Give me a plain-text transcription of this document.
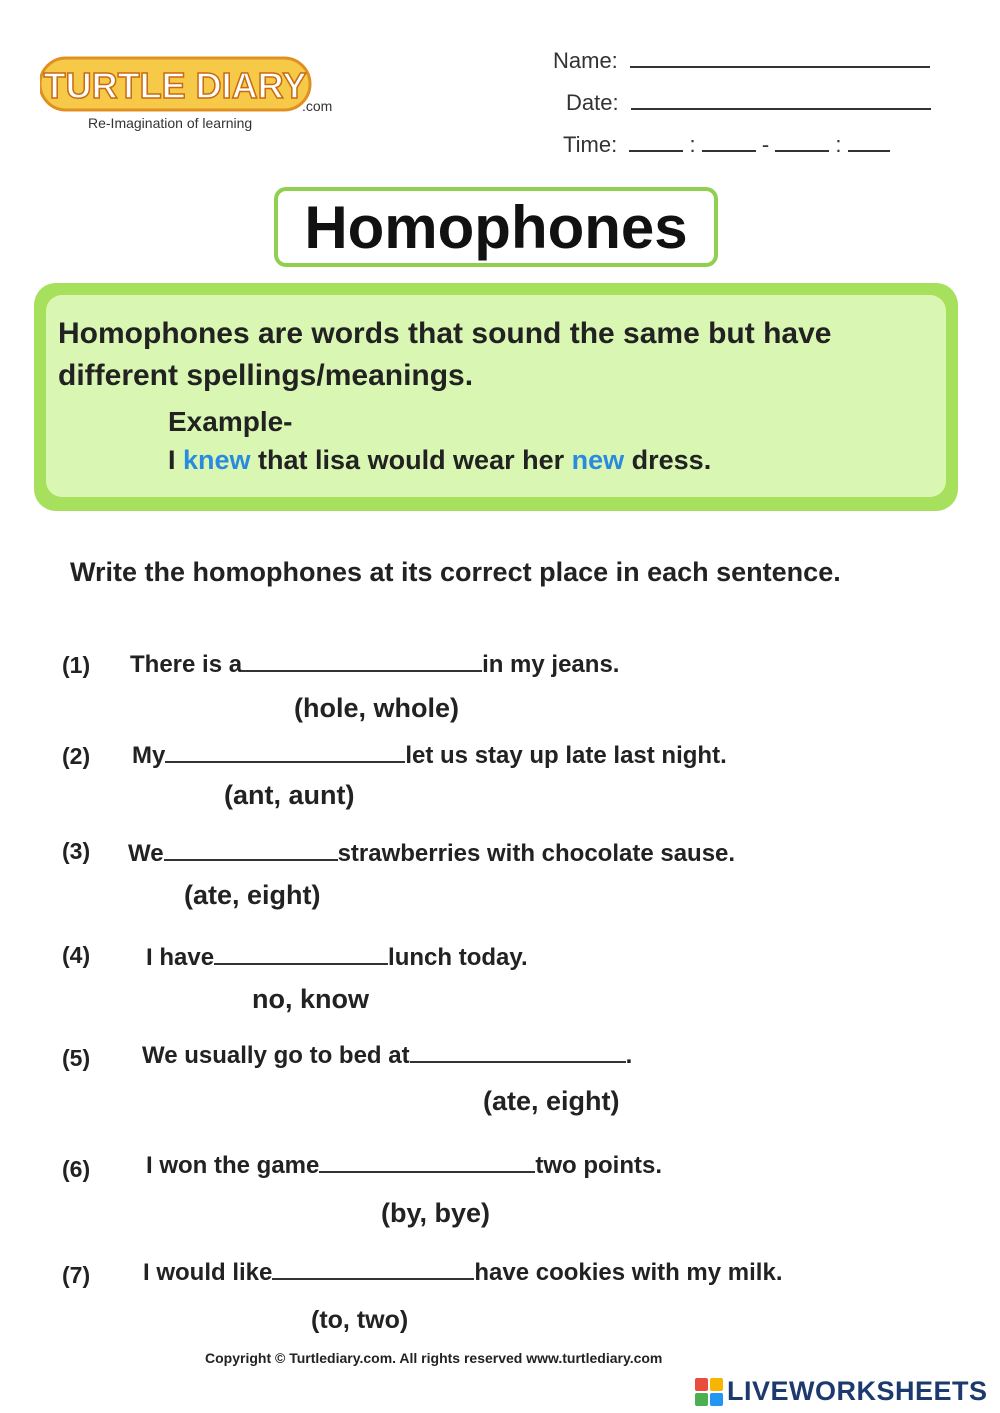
TURTLE DIARY
.com
Re-Imagination of learning
Name:
Date:
Time:	:	-	:
Homophones
Homophones are words that sound the same but have different spellings/meanings.
Example-
I knew that lisa would wear her new dress.
Write the homophones at its correct place in each sentence.
(1) There is a	in my jeans.
(hole, whole)
(2) My	let us stay up late last night.
(ant, aunt)
(3) We	strawberries with chocolate sause.
(ate, eight)
(4) I have	lunch today.
no, know
(5) We usually go to bed at	.
(ate, eight)
(6) I won the game	two points.
(by, bye)
(7) I would like	have cookies with my milk.
(to, two)
Copyright © Turtlediary.com. All rights reserved www.turtlediary.com
LIVEWORKSHEETS
